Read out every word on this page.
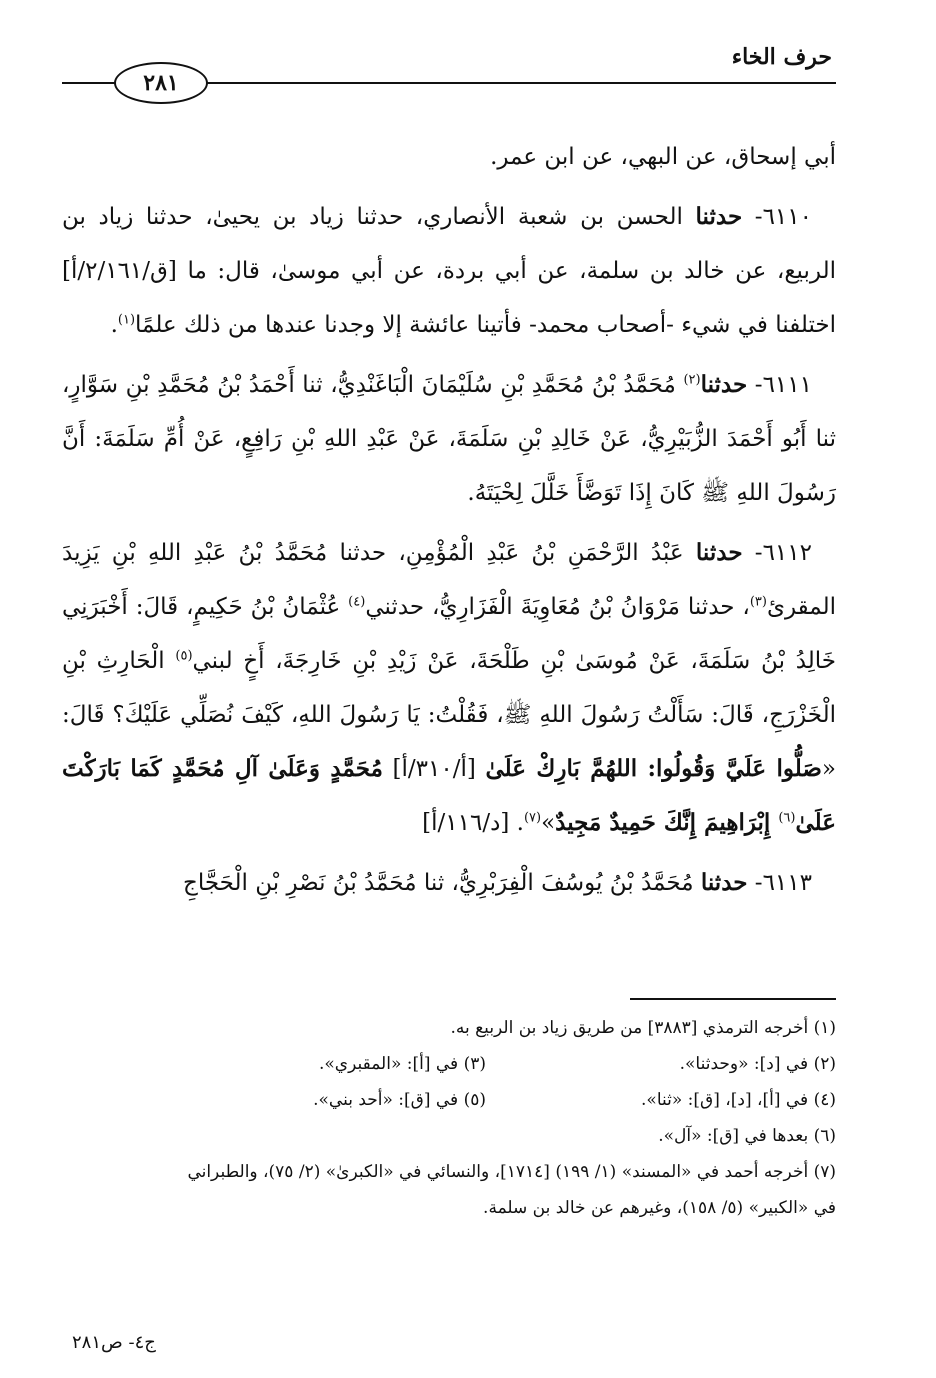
حرف الخاء
٢٨١

أبي إسحاق، عن البهي، عن ابن عمر.

٦١١٠- حدثنا الحسن بن شعبة الأنصاري، حدثنا زياد بن يحيىٰ، حدثنا زياد بن الربيع، عن خالد بن سلمة، عن أبي بردة، عن أبي موسىٰ، قال: ما [ق/٢/١٦١/أ] اختلفنا في شيء -أصحاب محمد- فأتينا عائشة إلا وجدنا عندها من ذلك علمًا$^{(١)}$.

٦١١١- حدثنا$^{(٢)}$ مُحَمَّدُ بْنُ مُحَمَّدِ بْنِ سُلَيْمَانَ الْبَاغَنْدِيُّ، ثنا أَحْمَدُ بْنُ مُحَمَّدِ بْنِ سَوَّارٍ، ثنا أَبُو أَحْمَدَ الزُّبَيْرِيُّ، عَنْ خَالِدِ بْنِ سَلَمَةَ، عَنْ عَبْدِ اللهِ بْنِ رَافِعٍ، عَنْ أُمِّ سَلَمَةَ: أَنَّ رَسُولَ اللهِ ﷺ كَانَ إِذَا تَوَضَّأَ خَلَّلَ لِحْيَتَهُ.

٦١١٢- حدثنا عَبْدُ الرَّحْمَنِ بْنُ عَبْدِ الْمُؤْمِنِ، حدثنا مُحَمَّدُ بْنُ عَبْدِ اللهِ بْنِ يَزِيدَ المقرئ$^{(٣)}$، حدثنا مَرْوَانُ بْنُ مُعَاوِيَةَ الْفَزَارِيُّ، حدثني$^{(٤)}$ عُثْمَانُ بْنُ حَكِيمٍ، قَالَ: أَخْبَرَنِي خَالِدُ بْنُ سَلَمَةَ، عَنْ مُوسَىٰ بْنِ طَلْحَةَ، عَنْ زَيْدِ بْنِ خَارِجَةَ، أَخٍ لبني$^{(٥)}$ الْحَارِثِ بْنِ الْخَزْرَجِ، قَالَ: سَأَلْتُ رَسُولَ اللهِ ﷺ، فَقُلْتُ: يَا رَسُولَ اللهِ، كَيْفَ نُصَلِّي عَلَيْكَ؟ قَالَ: «صَلُّوا عَلَيَّ وَقُولُوا: اللهُمَّ بَارِكْ عَلَىٰ [أ/٣١٠/أ] مُحَمَّدٍ وَعَلَىٰ آلِ مُحَمَّدٍ كَمَا بَارَكْتَ عَلَىٰ$^{(٦)}$ إِبْرَاهِيمَ إِنَّكَ حَمِيدٌ مَجِيدٌ»$^{(٧)}$. [د/١١٦/أ]

٦١١٣- حدثنا مُحَمَّدُ بْنُ يُوسُفَ الْفِرَبْرِيُّ، ثنا مُحَمَّدُ بْنُ نَصْرِ بْنِ الْحَجَّاجِ

(١) أخرجه الترمذي [٣٨٨٣] من طريق زياد بن الربيع به.

(٢) في [د]: «وحدثنا».
(٣) في [أ]: «المقبري».
(٤) في [أ]، [د]، [ق]: «ثنا».
(٥) في [ق]: «أحد بني».

(٦) بعدها في [ق]: «آل».

(٧) أخرجه أحمد في «المسند» (١/ ١٩٩) [١٧١٤]، والنسائي في «الكبرىٰ» (٢/ ٧٥)، والطبراني

في «الكبير» (٥/ ١٥٨)، وغيرهم عن خالد بن سلمة.

ج٤- ص٢٨١
